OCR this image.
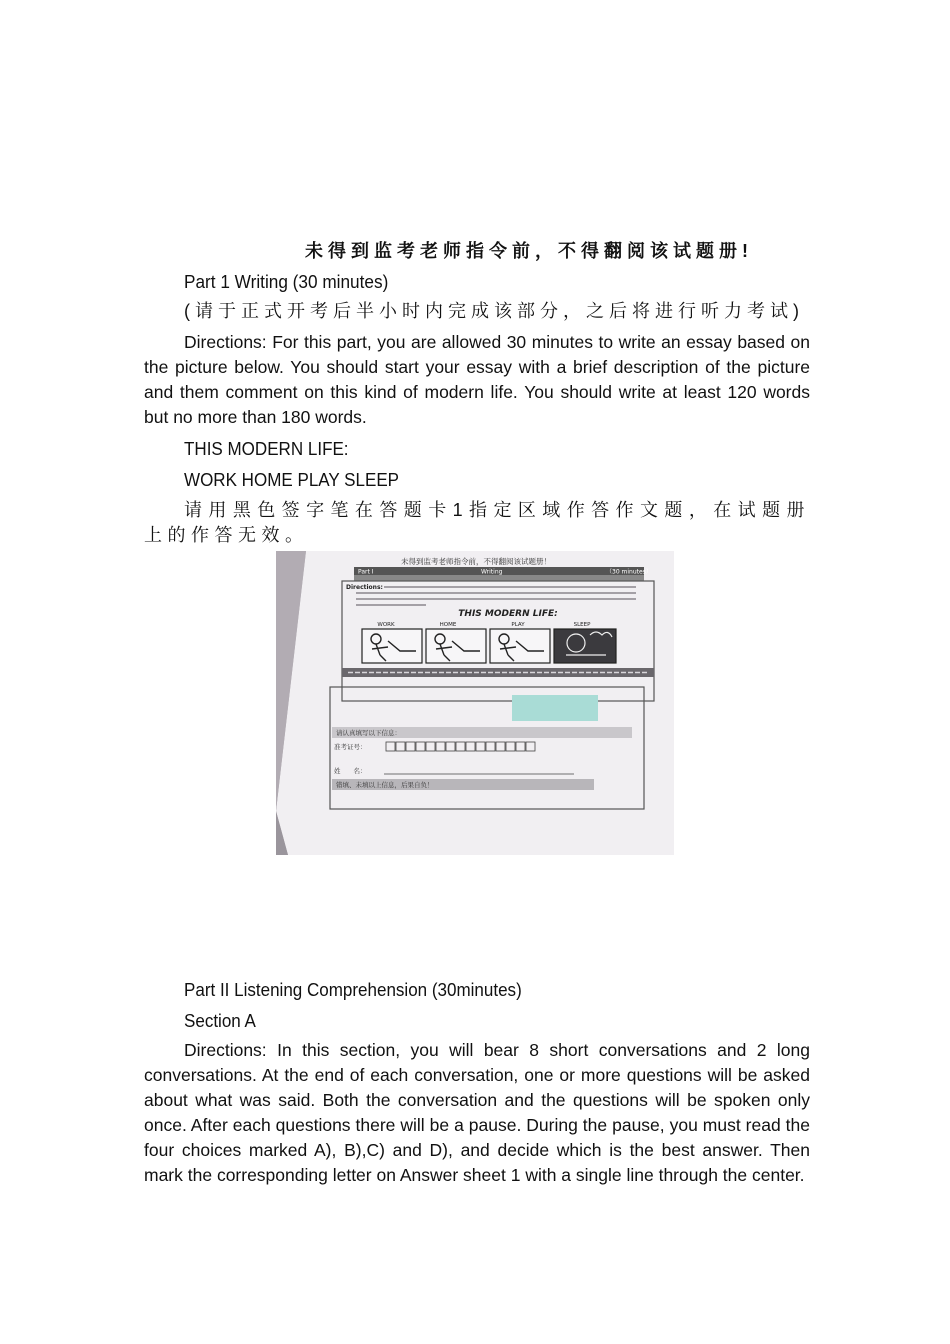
未得到监考老师指令前，不得翻阅该试题册!
Part 1 Writing (30 minutes)
(请于正式开考后半小时内完成该部分，之后将进行听力考试)
Directions: For this part, you are allowed 30 minutes to write an essay based on the picture below. You should start your essay with a brief description of the picture and them comment on this kind of modern life. You should write at least 120 words but no more than 180 words.
THIS MODERN LIFE:
WORK HOME PLAY SLEEP
请用黑色签字笔在答题卡1指定区域作答作文题，在试题册上的作答无效。
未得到监考老师指令前，不得翻阅该试题册！
Part I	Writing	（30 minutes）
Directions:
THIS MODERN LIFE:
WORK	HOME	PLAY	SLEEP
请认真填写以下信息：
准考证号：
姓　　名：
错填、未填以上信息，后果自负！
Part II Listening Comprehension (30minutes)
Section A
Directions: In this section, you will bear 8 short conversations and 2 long conversations. At the end of each conversation, one or more questions will be asked about what was said. Both the conversation and the questions will be spoken only once. After each questions there will be a pause. During the pause, you must read the four choices marked A), B),C) and D), and decide which is the best answer. Then mark the corresponding letter on Answer sheet 1 with a single line through the center.
